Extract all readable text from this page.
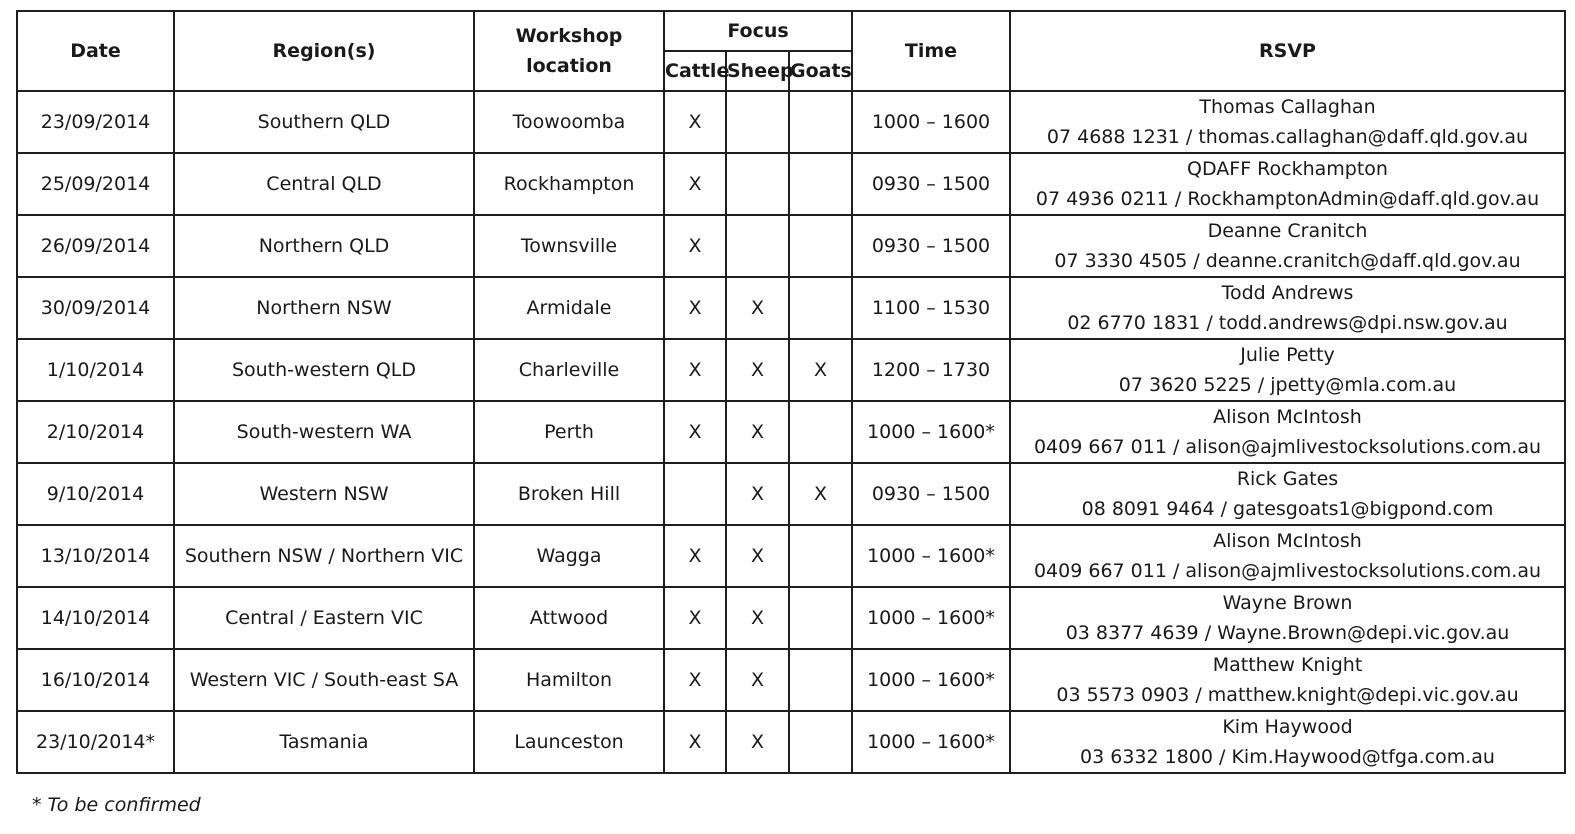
Date	Region(s)	Workshop
location	Focus			Time	RSVP
			Cattle	Sheep	Goats		
23/09/2014	Southern QLD	Toowoomba	X			1000 – 1600	Thomas Callaghan
07 4688 1231 / thomas.callaghan@daff.qld.gov.au

25/09/2014	Central QLD	Rockhampton	X			0930 – 1500	QDAFF Rockhampton
07 4936 0211 / RockhamptonAdmin@daff.qld.gov.au

26/09/2014	Northern QLD	Townsville	X			0930 – 1500	Deanne Cranitch
07 3330 4505 / deanne.cranitch@daff.qld.gov.au

30/09/2014	Northern NSW	Armidale	X	X		1100 – 1530	Todd Andrews
02 6770 1831 / todd.andrews@dpi.nsw.gov.au

1/10/2014	South-western QLD	Charleville	X	X	X	1200 – 1730	Julie Petty
07 3620 5225 / jpetty@mla.com.au

2/10/2014	South-western WA	Perth	X	X		1000 – 1600*	Alison McIntosh
0409 667 011 / alison@ajmlivestocksolutions.com.au

9/10/2014	Western NSW	Broken Hill		X	X	0930 – 1500	Rick Gates
08 8091 9464 / gatesgoats1@bigpond.com

13/10/2014	Southern NSW / Northern VIC	Wagga	X	X		1000 – 1600*	Alison McIntosh
0409 667 011 / alison@ajmlivestocksolutions.com.au

14/10/2014	Central / Eastern VIC	Attwood	X	X		1000 – 1600*	Wayne Brown
03 8377 4639 / Wayne.Brown@depi.vic.gov.au

16/10/2014	Western VIC / South-east SA	Hamilton	X	X		1000 – 1600*	Matthew Knight
03 5573 0903 / matthew.knight@depi.vic.gov.au

23/10/2014*	Tasmania	Launceston	X	X		1000 – 1600*	Kim Haywood
03 6332 1800 / Kim.Haywood@tfga.com.au
* To be confirmed
